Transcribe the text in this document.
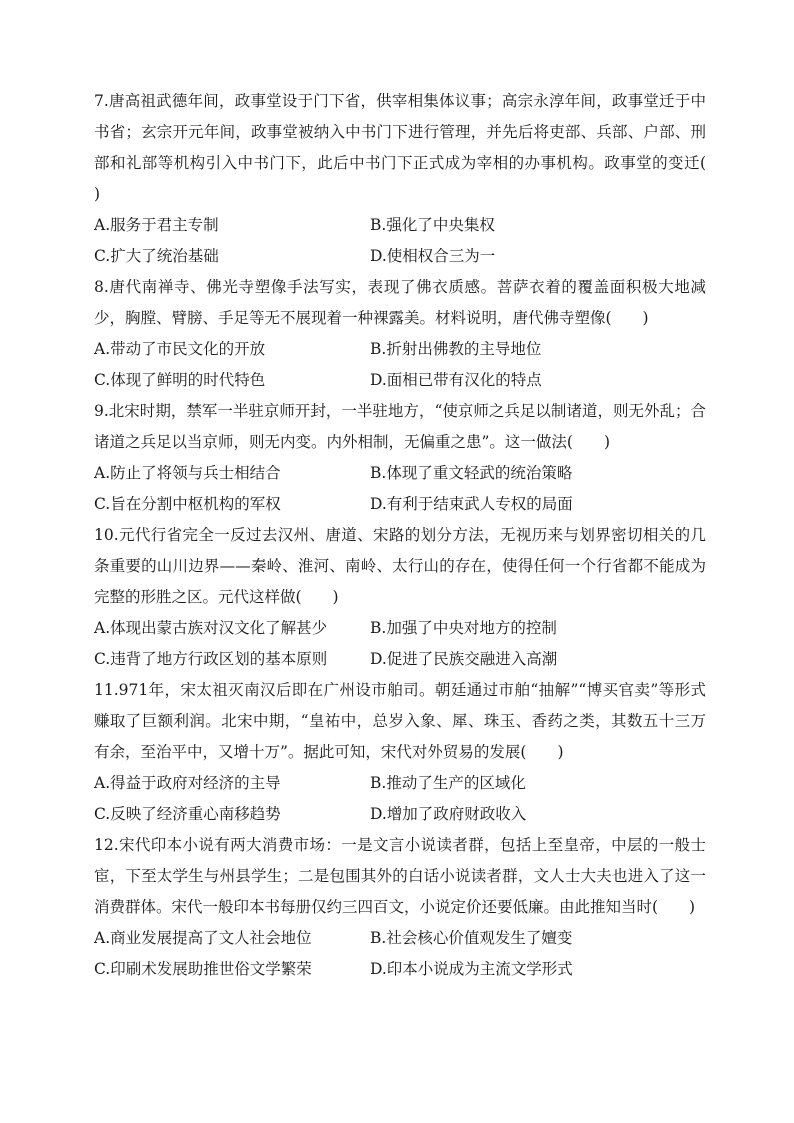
7.唐高祖武德年间，政事堂设于门下省，供宰相集体议事；高宗永淳年间，政事堂迁于中书省；玄宗开元年间，政事堂被纳入中书门下进行管理，并先后将吏部、兵部、户部、刑部和礼部等机构引入中书门下，此后中书门下正式成为宰相的办事机构。政事堂的变迁(　　)

A.服务于君主专制	B.强化了中央集权
C.扩大了统治基础	D.使相权合三为一

8.唐代南禅寺、佛光寺塑像手法写实，表现了佛衣质感。菩萨衣着的覆盖面积极大地减少，胸膛、臂膀、手足等无不展现着一种裸露美。材料说明，唐代佛寺塑像(　　)

A.带动了市民文化的开放	B.折射出佛教的主导地位
C.体现了鲜明的时代特色	D.面相已带有汉化的特点

9.北宋时期，禁军一半驻京师开封，一半驻地方，“使京师之兵足以制诸道，则无外乱；合诸道之兵足以当京师，则无内变。内外相制，无偏重之患”。这一做法(　　)

A.防止了将领与兵士相结合	B.体现了重文轻武的统治策略
C.旨在分割中枢机构的军权	D.有利于结束武人专权的局面

10.元代行省完全一反过去汉州、唐道、宋路的划分方法，无视历来与划界密切相关的几条重要的山川边界——秦岭、淮河、南岭、太行山的存在，使得任何一个行省都不能成为完整的形胜之区。元代这样做(　　)

A.体现出蒙古族对汉文化了解甚少	B.加强了中央对地方的控制
C.违背了地方行政区划的基本原则	D.促进了民族交融进入高潮

11.971年，宋太祖灭南汉后即在广州设市舶司。朝廷通过市舶“抽解”“博买官卖”等形式赚取了巨额利润。北宋中期，“皇祐中，总岁入象、犀、珠玉、香药之类，其数五十三万有余，至治平中，又增十万”。据此可知，宋代对外贸易的发展(　　)

A.得益于政府对经济的主导	B.推动了生产的区域化
C.反映了经济重心南移趋势	D.增加了政府财政收入

12.宋代印本小说有两大消费市场：一是文言小说读者群，包括上至皇帝，中层的一般士宦，下至太学生与州县学生；二是包围其外的白话小说读者群，文人士大夫也进入了这一消费群体。宋代一般印本书每册仅约三四百文，小说定价还要低廉。由此推知当时(　　)

A.商业发展提高了文人社会地位	B.社会核心价值观发生了嬗变
C.印刷术发展助推世俗文学繁荣	D.印本小说成为主流文学形式
